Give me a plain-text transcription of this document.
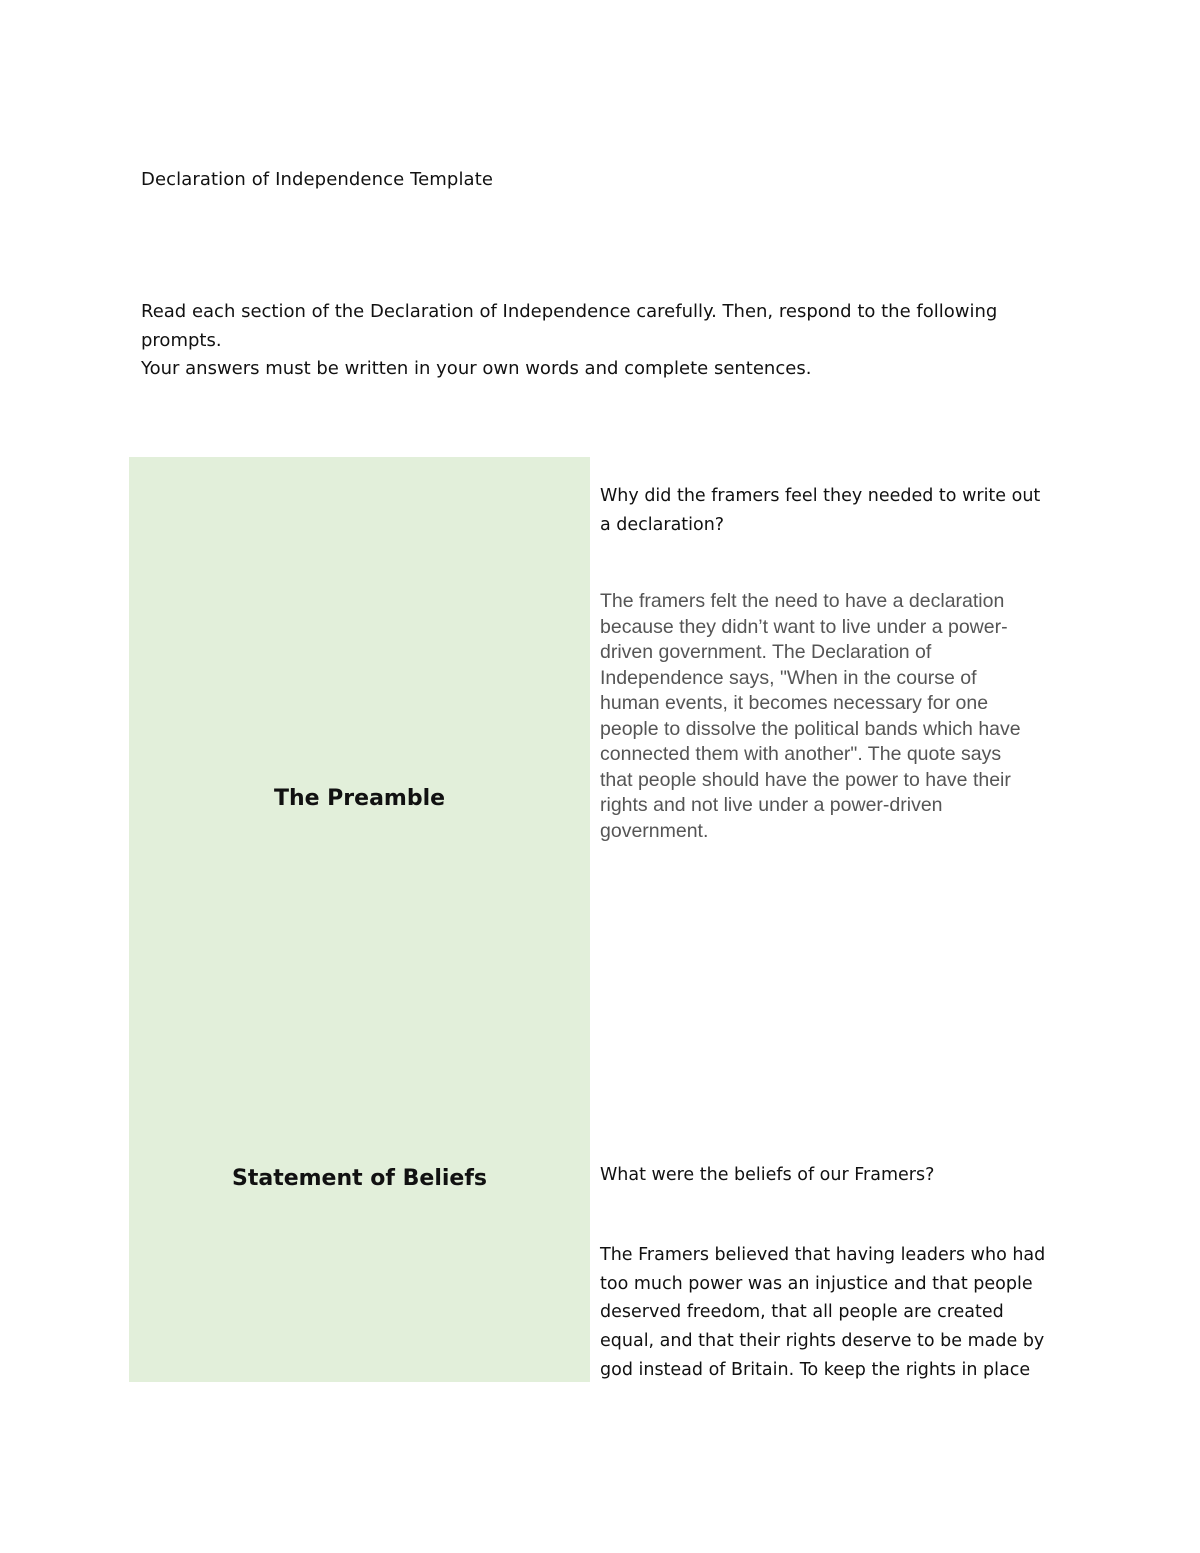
Declaration of Independence Template

Read each section of the Declaration of Independence carefully. Then, respond to the following prompts.

Your answers must be written in your own words and complete sentences.

The Preamble
Statement of Beliefs
Why did the framers feel they needed to write out
a declaration?
The framers felt the need to have a declaration
because they didn’t want to live under a power-
driven government. The Declaration of
Independence says, "When in the course of
human events, it becomes necessary for one
people to dissolve the political bands which have
connected them with another". The quote says
that people should have the power to have their
rights and not live under a power-driven
government.
What were the beliefs of our Framers?
The Framers believed that having leaders who had
too much power was an injustice and that people
deserved freedom, that all people are created
equal, and that their rights deserve to be made by
god instead of Britain. To keep the rights in place
